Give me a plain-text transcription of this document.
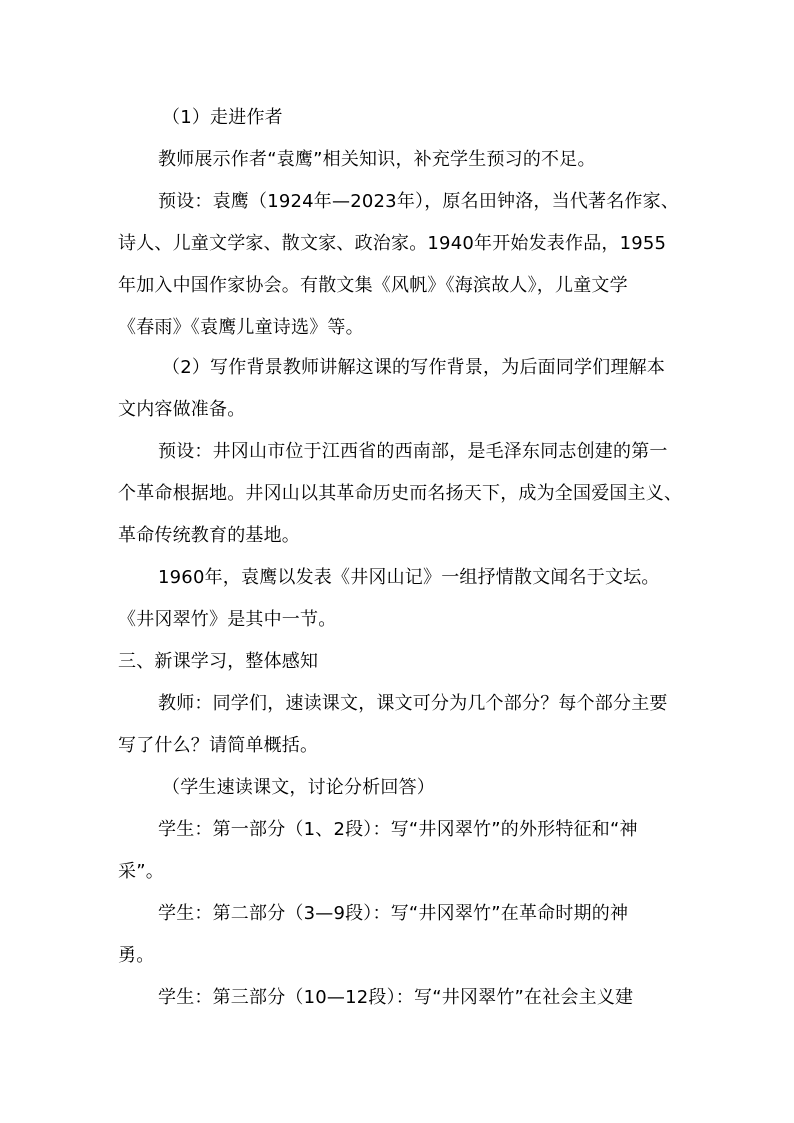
（1）走进作者
教师展示作者“袁鹰”相关知识，补充学生预习的不足。
预设：袁鹰（1924年—2023年），原名田钟洛，当代著名作家、
诗人、儿童文学家、散文家、政治家。1940年开始发表作品，1955
年加入中国作家协会。有散文集《风帆》《海滨故人》，儿童文学
《春雨》《袁鹰儿童诗选》等。
（2）写作背景教师讲解这课的写作背景，为后面同学们理解本
文内容做准备。
预设：井冈山市位于江西省的西南部，是毛泽东同志创建的第一
个革命根据地。井冈山以其革命历史而名扬天下，成为全国爱国主义、
革命传统教育的基地。
1960年，袁鹰以发表《井冈山记》一组抒情散文闻名于文坛。
《井冈翠竹》是其中一节。
三、新课学习，整体感知
教师：同学们，速读课文，课文可分为几个部分？每个部分主要
写了什么？请简单概括。
（学生速读课文，讨论分析回答）
学生：第一部分（1、2段）：写“井冈翠竹”的外形特征和“神
采”。
学生：第二部分（3—9段）：写“井冈翠竹”在革命时期的神
勇。
学生：第三部分（10—12段）：写“井冈翠竹”在社会主义建
